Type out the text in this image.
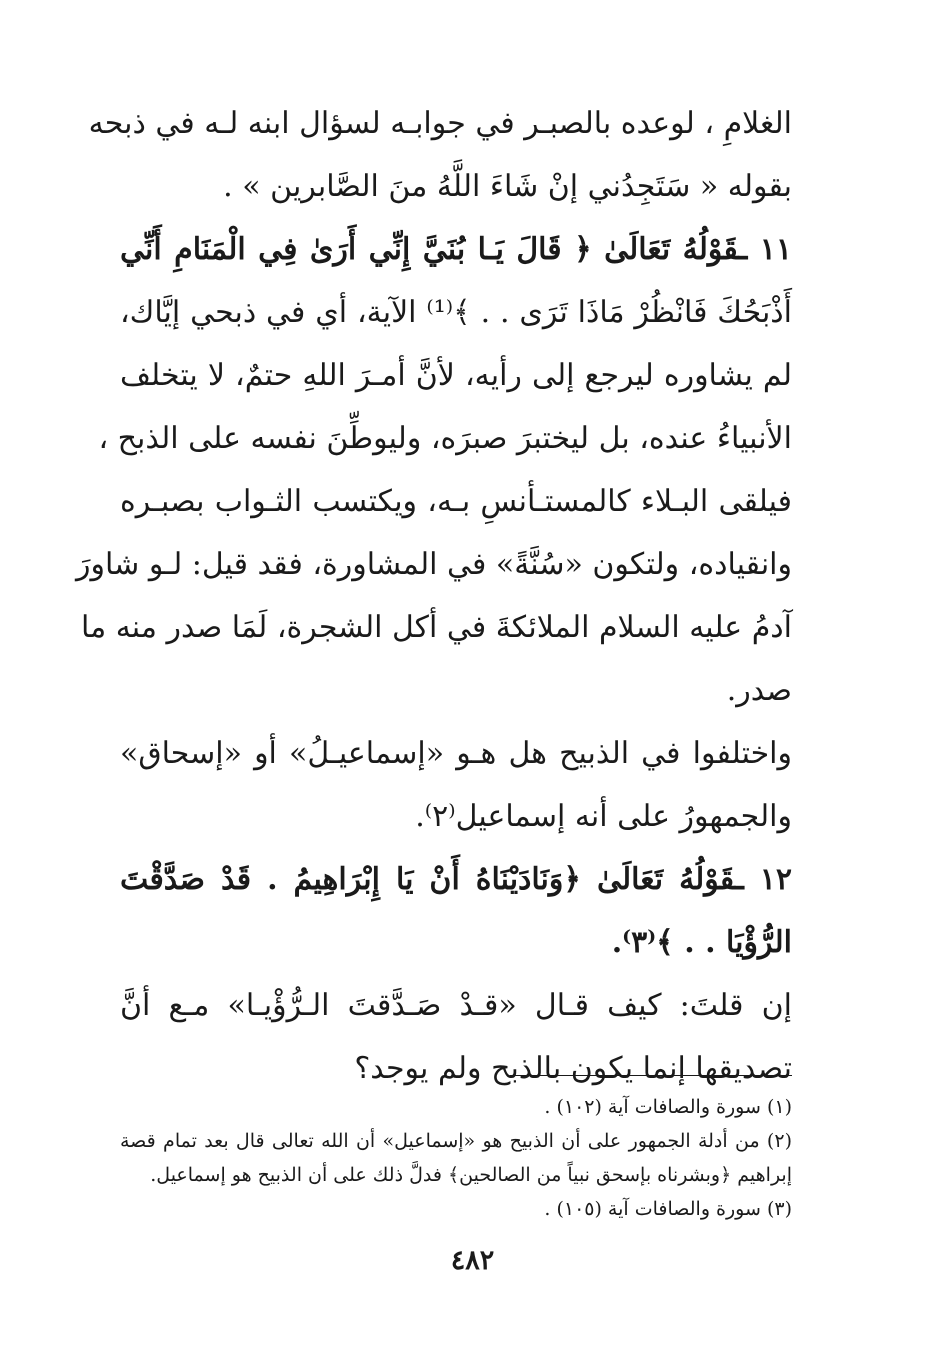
الغلامِ ، لوعده بالصبـر في جوابـه لسؤال ابنه لـه في ذبحه
بقوله « سَتَجِدُني إنْ شَاءَ اللَّهُ منَ الصَّابرين » .
١١ ـقَوْلُهُ تَعَالَىٰ ﴿ قَالَ يَـا بُنَيَّ إِنِّي أَرَىٰ فِي الْمَنَامِ أَنِّي
أَذْبَحُكَ فَانْظُرْ مَاذَا تَرَى . . ﴾⁽¹⁾ الآية، أي في ذبحي إيَّاك،
لم يشاوره ليرجع إلى رأيه، لأنَّ أمـرَ اللهِ حتمٌ، لا يتخلف
الأنبياءُ عنده، بل ليختبرَ صبرَه، وليوطِّنَ نفسه على الذبح ،
فيلقى البـلاء كالمستـأنسِ بـه، ويكتسب الثـواب بصبـره
وانقياده، ولتكون «سُنَّةً» في المشاورة، فقد قيل: لـو شاورَ
آدمُ عليه السلام الملائكةَ في أكل الشجرة، لَمَا صدر منه ما
صدر.
واختلفوا في الذبيح هل هـو «إسماعيـلُ» أو «إسحاق»
والجمهورُ على أنه إسماعيل⁽٢⁾.
١٢ ـقَوْلُهُ تَعَالَىٰ ﴿وَنَادَيْنَاهُ أَنْ يَا إِبْرَاهِيمُ . قَدْ صَدَّقْتَ
الرُّؤْيَا . . ﴾⁽٣⁾.
إن قلتَ: كيف قـال «قـدْ صَـدَّقتَ الـرُّؤْيـا» مـع أنَّ
تصديقها إنما يكون بالذبح ولم يوجد؟
(١) سورة والصافات آية (١٠٢) .
(٢) من أدلة الجمهور على أن الذبيح هو «إسماعيل» أن الله تعالى قال بعد تمام قصة
إبراهيم ﴿وبشرناه بإسحق نبياً من الصالحين﴾ فدلَّ ذلك على أن الذبيح هو إسماعيل.
(٣) سورة والصافات آية (١٠٥) .
٤٨٢
